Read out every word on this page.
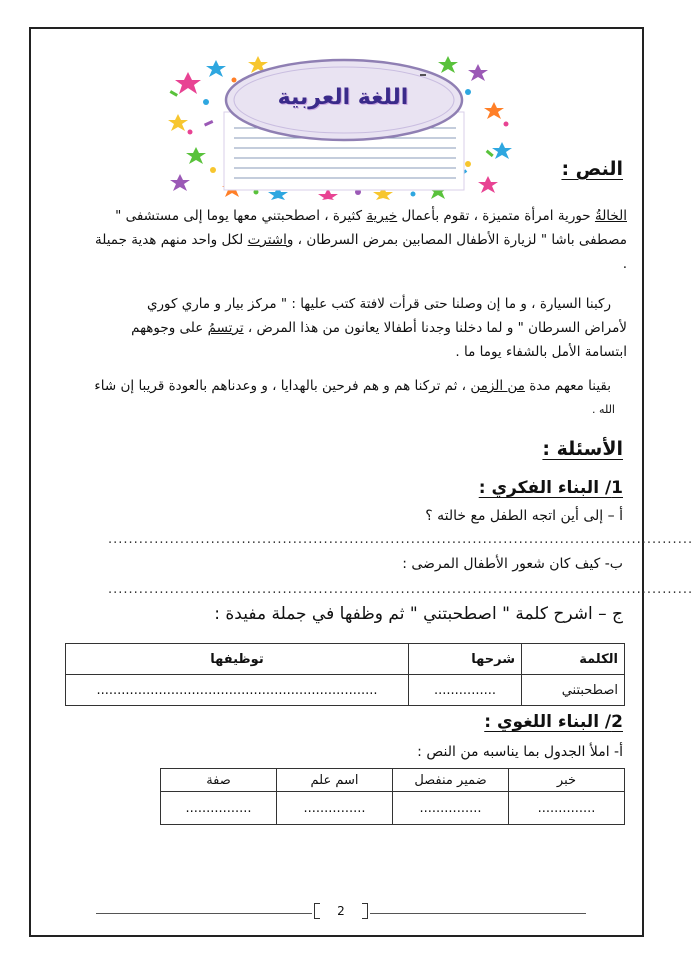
اللغة العربية
النص :
الخالةُ حورية امرأة متميزة ، تقوم بأعمال خيرية كثيرة ، اصطحبتني معها يوما إلى مستشفى "
مصطفى باشا " لزيارة الأطفال المصابين بمرض السرطان ، واشترت لكل واحد منهم هدية جميلة
.
ركبنا السيارة ، و ما إن وصلنا حتى قرأت لافتة كتب عليها : " مركز بيار و ماري كوري
لأمراض السرطان " و لما دخلنا وجدنا أطفالا يعانون من هذا المرض ، ترتسمُ على وجوههم
ابتسامة الأمل بالشفاء يوما ما .
بقينا معهم مدة من الزمن ، ثم تركنا هم و هم فرحين بالهدايا ، و وعدناهم بالعودة قريبا إن شاء
الله .
الأسئلة :
1/ البناء الفكري :
أ – إلى أين اتجه الطفل مع خالته ؟
..................................................................................................................
ب- كيف كان شعور الأطفال المرضى :
..................................................................................................................
ج – اشرح كلمة " اصطحبتني " ثم وظفها في جملة مفيدة :
الكلمة	شرحها	توظيفها
اصطحبتني	...............	....................................................................
2/ البناء اللغوي :
أ- املأ الجدول بما يناسبه من النص :
خبر	ضمير منفصل	اسم علم	صفة
..............	...............	...............	................
2
